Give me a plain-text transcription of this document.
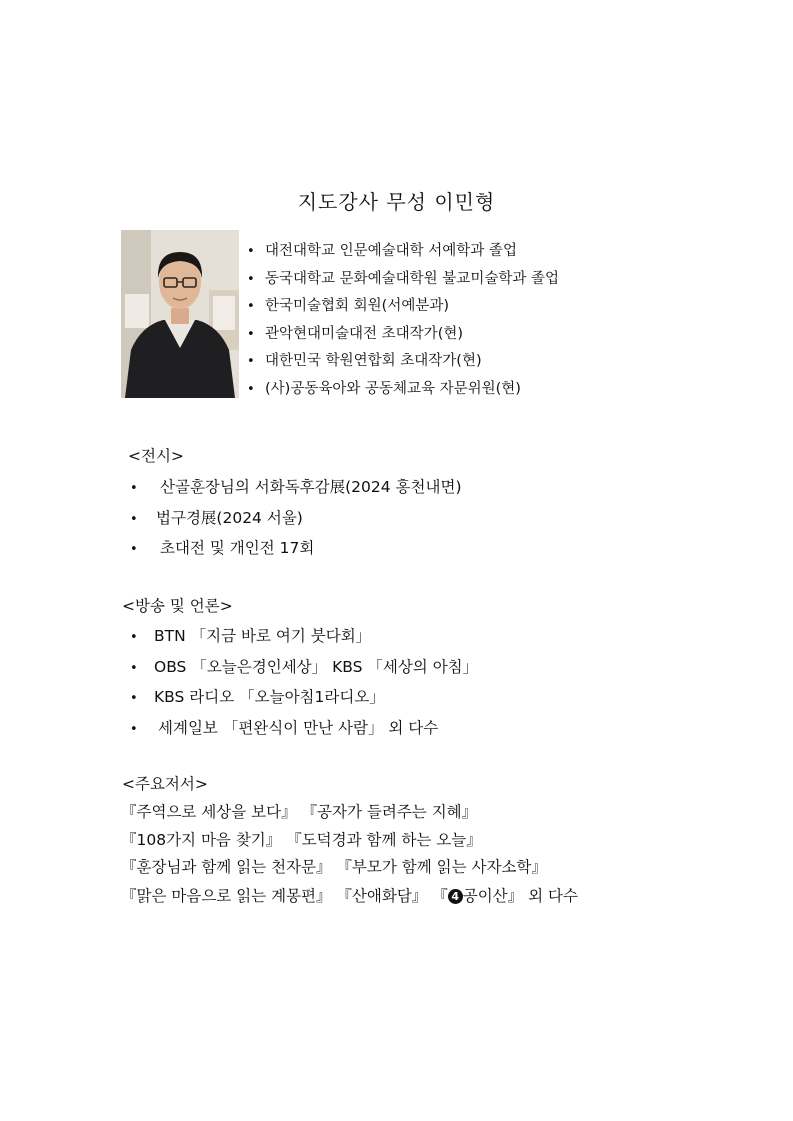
지도강사 무성 이민형
• 대전대학교 인문예술대학 서예학과 졸업
• 동국대학교 문화예술대학원 불교미술학과 졸업
• 한국미술협회 회원(서예분과)
• 관악현대미술대전 초대작가(현)
• 대한민국 학원연합회 초대작가(현)
• (사)공동육아와 공동체교육 자문위원(현)
<전시>
• 산골훈장님의 서화독후감展(2024 홍천내면)
• 법구경展(2024 서울)
• 초대전 및 개인전 17회
<방송 및 언론>
• BTN 「지금 바로 여기 붓다회」
• OBS 「오늘은경인세상」 KBS 「세상의 아침」
• KBS 라디오 「오늘아침1라디오」
• 세계일보 「편완식이 만난 사람」 외 다수
<주요저서>
『주역으로 세상을 보다』 『공자가 들려주는 지혜』
『108가지 마음 찾기』 『도덕경과 함께 하는 오늘』
『훈장님과 함께 읽는 천자문』 『부모가 함께 읽는 사자소학』
『맑은 마음으로 읽는 계몽편』 『산애화담』 『 4 공이산』 외 다수
